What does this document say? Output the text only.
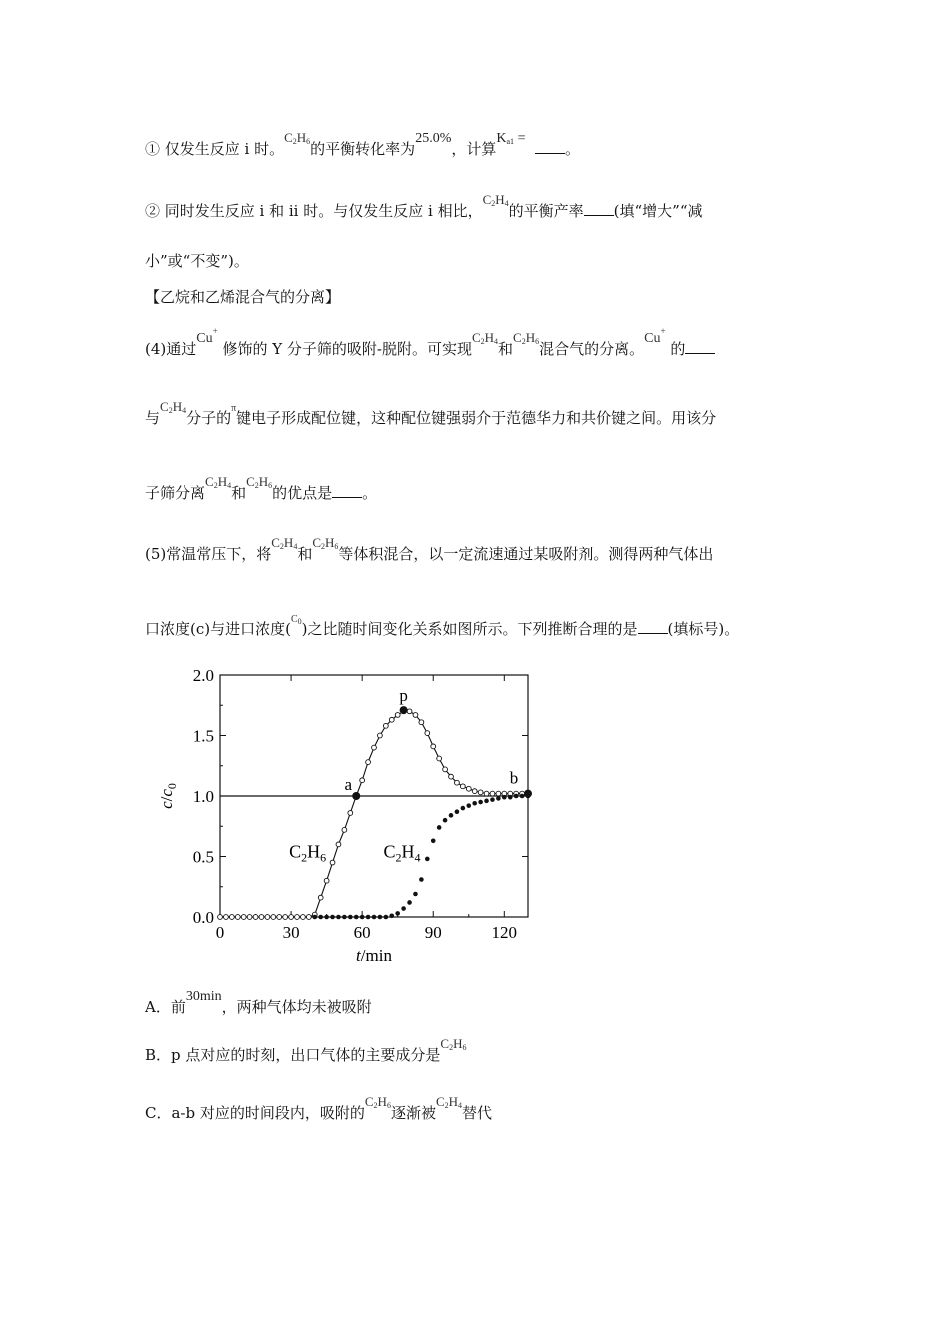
① 仅发生反应 i 时。$C_2H_6$的平衡转化率为25.0%，计算$K_{a1}$ =  。
② 同时发生反应 i 和 ii 时。与仅发生反应 i 相比，$C_2H_4$的平衡产率 (填“增大”“减
小”或“不变”)。
【乙烷和乙烯混合气的分离】
(4)通过Cu+ 修饰的 Y 分子筛的吸附-脱附。可实现$C_2H_4$和$C_2H_6$混合气的分离。Cu+ 的
与$C_2H_4$分子的π键电子形成配位键，这种配位键强弱介于范德华力和共价键之间。用该分
子筛分离$C_2H_4$和$C_2H_6$的优点是 。
(5)常温常压下，将$C_2H_4$和$C_2H_6$等体积混合，以一定流速通过某吸附剂。测得两种气体出
口浓度(c)与进口浓度$(C_0)$之比随时间变化关系如图所示。下列推断合理的是 (填标号)。
0	30	60	90	120
0.0
0.5
1.0
1.5
2.0
t/min
$c/c_0$	a
p
b
$C_2H_6$	$C_2H_4$
A．前30min，两种气体均未被吸附
B．p 点对应的时刻，出口气体的主要成分是$C_2H_6$
C．a-b 对应的时间段内，吸附的$C_2H_6$逐渐被$C_2H_4$替代
